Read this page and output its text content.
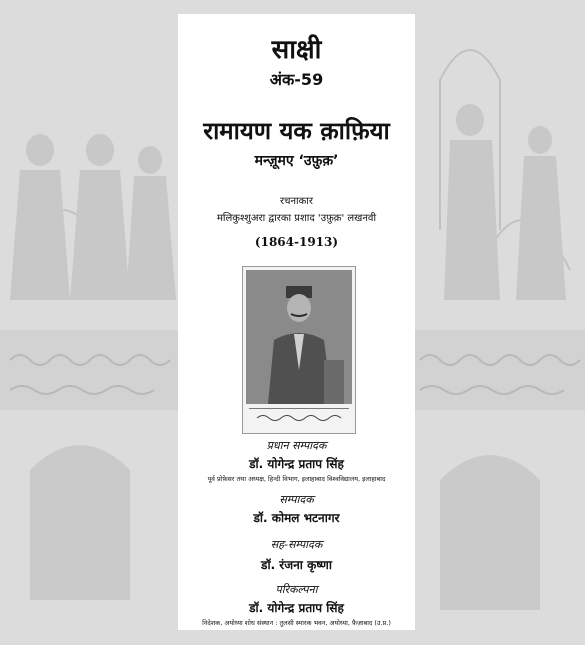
साक्षी
अंक-59
रामायण यक क़ाफ़िया
मन्ज़ूमए ‘उफ़ुक़’
रचनाकार
मलिकुश्शुअरा द्वारका प्रशाद 'उफ़ुक़' लखनवी
(1864-1913)
प्रधान सम्पादक
डॉ. योगेन्द्र प्रताप सिंह
पूर्व प्रोफ़ेसर तथा अध्यक्ष, हिन्दी विभाग, इलाहाबाद विश्वविद्यालय, इलाहाबाद
सम्पादक
डॉ. कोमल भटनागर
सह-सम्पादक
डॉ. रंजना कृष्णा
परिकल्पना
डॉ. योगेन्द्र प्रताप सिंह
निदेशक, अयोध्या शोध संस्थान : तुलसी स्मारक भवन, अयोध्या, फ़ैज़ाबाद (उ.प्र.)
